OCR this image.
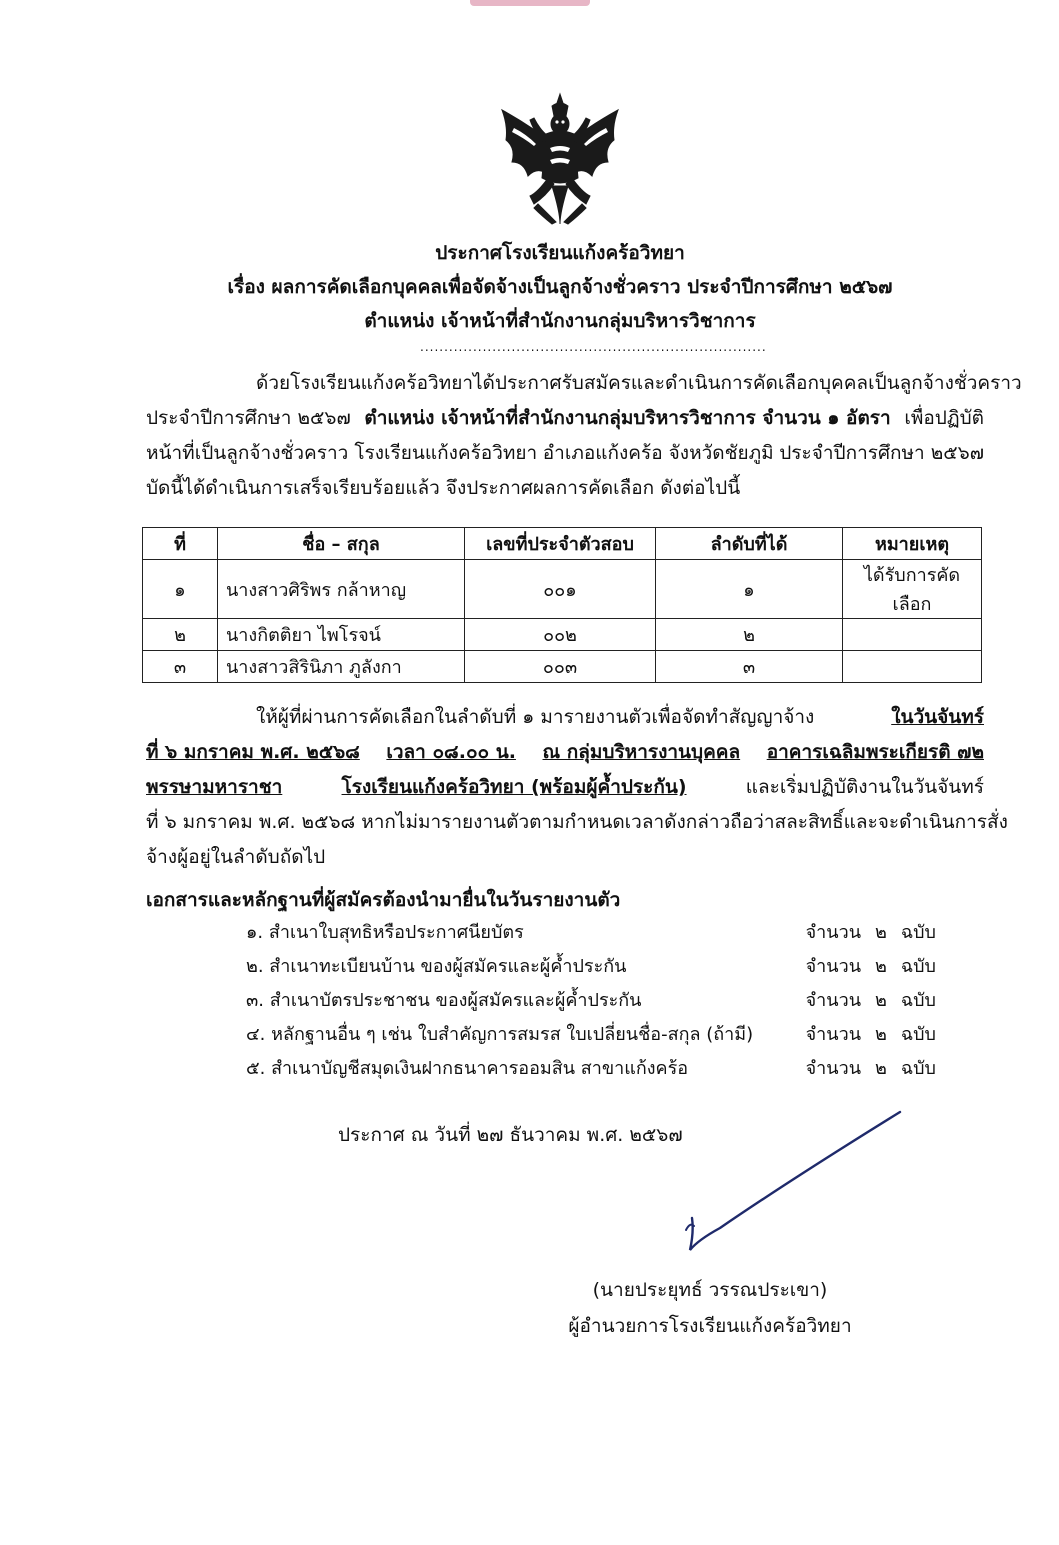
ประกาศโรงเรียนแก้งคร้อวิทยา
เรื่อง ผลการคัดเลือกบุคคลเพื่อจัดจ้างเป็นลูกจ้างชั่วคราว ประจำปีการศึกษา ๒๕๖๗
ตำแหน่ง เจ้าหน้าที่สำนักงานกลุ่มบริหารวิชาการ
........................................................................
ด้วยโรงเรียนแก้งคร้อวิทยา ได้ประกาศรับสมัครและดำเนินการคัดเลือกบุคคลเป็นลูกจ้างชั่วคราว
ประจำปีการศึกษา ๒๕๖๗ ตำแหน่ง เจ้าหน้าที่สำนักงานกลุ่มบริหารวิชาการ จำนวน ๑ อัตรา เพื่อปฏิบัติ
หน้าที่เป็นลูกจ้างชั่วคราว โรงเรียนแก้งคร้อวิทยา อำเภอแก้งคร้อ จังหวัดชัยภูมิ ประจำปีการศึกษา ๒๕๖๗
บัดนี้ได้ดำเนินการเสร็จเรียบร้อยแล้ว จึงประกาศผลการคัดเลือก ดังต่อไปนี้
ที่	ชื่อ – สกุล	เลขที่ประจำตัวสอบ	ลำดับที่ได้	หมายเหตุ
๑	นางสาวศิริพร กล้าหาญ	๐๐๑	๑	ได้รับการคัดเลือก
๒	นางกิตติยา ไพโรจน์	๐๐๒	๒	
๓	นางสาวสิรินิภา ภูลังกา	๐๐๓	๓	
ให้ผู้ที่ผ่านการคัดเลือกในลำดับที่ ๑ มารายงานตัวเพื่อจัดทำสัญญาจ้าง	ในวันจันทร์
ที่ ๖ มกราคม พ.ศ. ๒๕๖๘ เวลา ๐๘.๐๐ น. ณ กลุ่มบริหารงานบุคคล อาคารเฉลิมพระเกียรติ ๗๒
พรรษามหาราชา	โรงเรียนแก้งคร้อวิทยา (พร้อมผู้ค้ำประกัน)	และเริ่มปฏิบัติงานในวันจันทร์
ที่ ๖ มกราคม พ.ศ. ๒๕๖๘ หากไม่มารายงานตัวตามกำหนดเวลาดังกล่าว ถือว่าสละสิทธิ์และจะดำเนินการสั่ง
จ้างผู้อยู่ในลำดับถัดไป
เอกสารและหลักฐานที่ผู้สมัครต้องนำมายื่นในวันรายงานตัว
๑. สำเนาใบสุทธิหรือประกาศนียบัตร	จำนวน ๒ ฉบับ
๒. สำเนาทะเบียนบ้าน ของผู้สมัครและผู้ค้ำประกัน	จำนวน ๒ ฉบับ
๓. สำเนาบัตรประชาชน ของผู้สมัครและผู้ค้ำประกัน	จำนวน ๒ ฉบับ
๔. หลักฐานอื่น ๆ เช่น ใบสำคัญการสมรส ใบเปลี่ยนชื่อ-สกุล (ถ้ามี)	จำนวน ๒ ฉบับ
๕. สำเนาบัญชีสมุดเงินฝากธนาคารออมสิน สาขาแก้งคร้อ	จำนวน ๒ ฉบับ
ประกาศ ณ วันที่ ๒๗ ธันวาคม พ.ศ. ๒๕๖๗
(นายประยุทธ์ วรรณประเขา)
ผู้อำนวยการโรงเรียนแก้งคร้อวิทยา
